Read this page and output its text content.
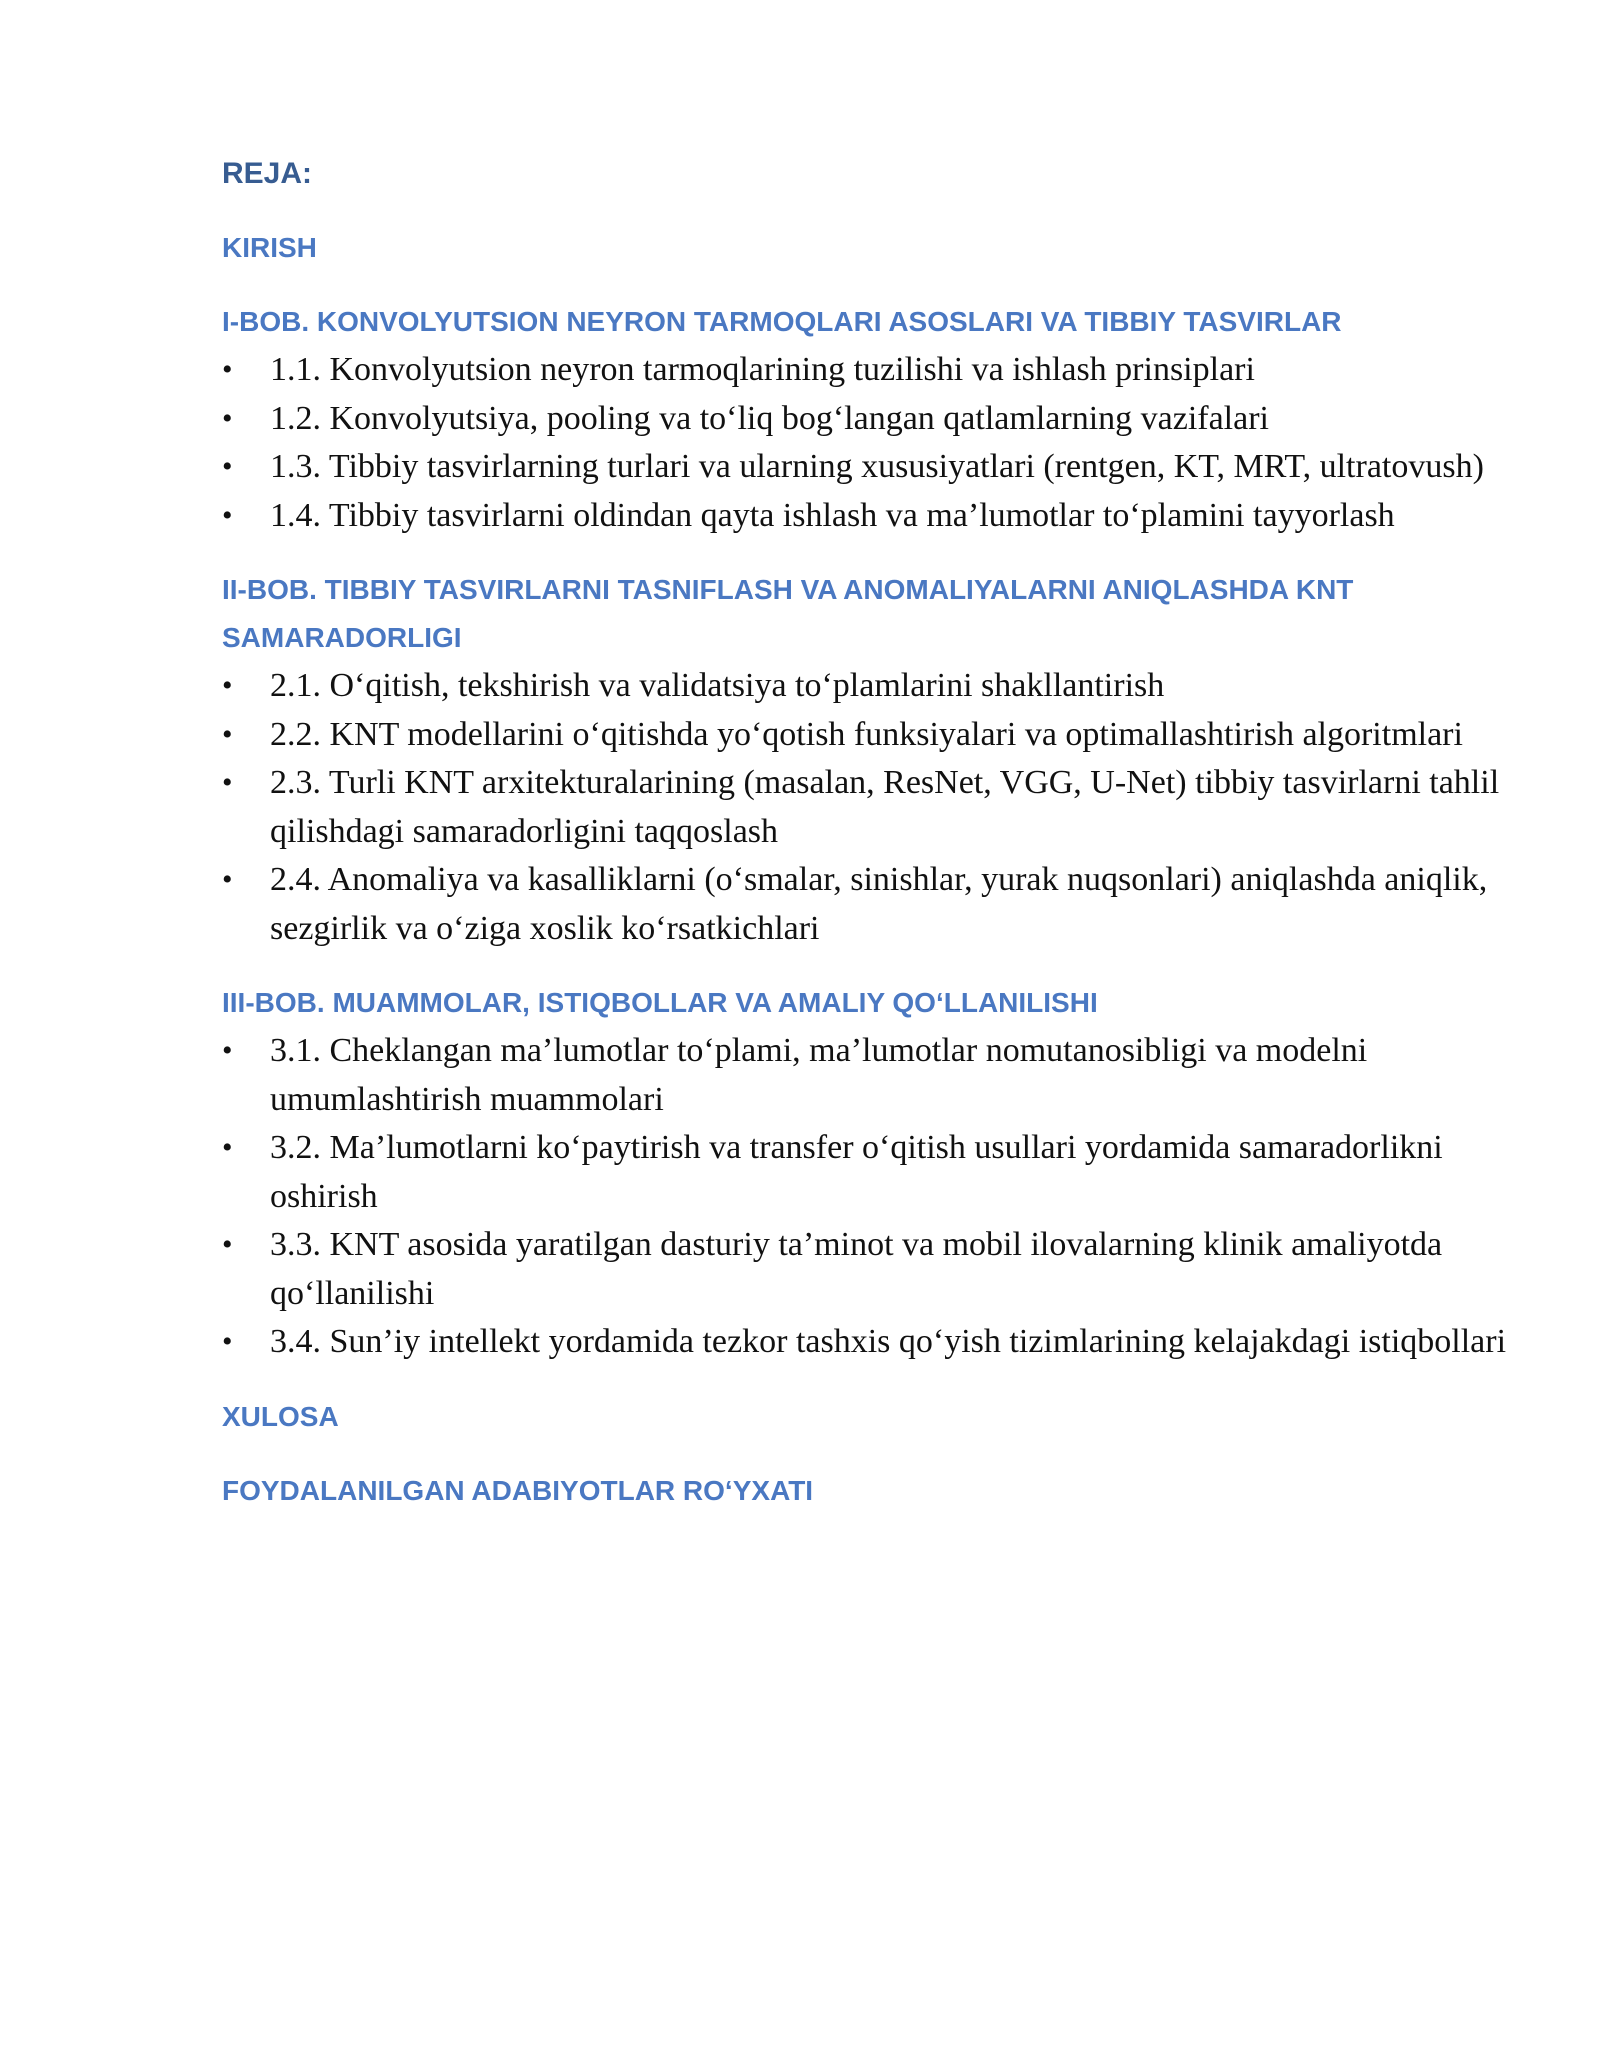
REJA:
KIRISH
I-BOB. KONVOLYUTSION NEYRON TARMOQLARI ASOSLARI VA TIBBIY TASVIRLAR
• 1.1. Konvolyutsion neyron tarmoqlarining tuzilishi va ishlash prinsiplari
• 1.2. Konvolyutsiya, pooling va to‘liq bog‘langan qatlamlarning vazifalari
• 1.3. Tibbiy tasvirlarning turlari va ularning xususiyatlari (rentgen, KT, MRT, ultratovush)
• 1.4. Tibbiy tasvirlarni oldindan qayta ishlash va ma’lumotlar to‘plamini tayyorlash
II-BOB. TIBBIY TASVIRLARNI TASNIFLASH VA ANOMALIYALARNI ANIQLASHDA KNT SAMARADORLIGI
• 2.1. O‘qitish, tekshirish va validatsiya to‘plamlarini shakllantirish
• 2.2. KNT modellarini o‘qitishda yo‘qotish funksiyalari va optimallashtirish algoritmlari
• 2.3. Turli KNT arxitekturalarining (masalan, ResNet, VGG, U-Net) tibbiy tasvirlarni tahlil qilishdagi samaradorligini taqqoslash
• 2.4. Anomaliya va kasalliklarni (o‘smalar, sinishlar, yurak nuqsonlari) aniqlashda aniqlik, sezgirlik va o‘ziga xoslik ko‘rsatkichlari
III-BOB. MUAMMOLAR, ISTIQBOLLAR VA AMALIY QO‘LLANILISHI
• 3.1. Cheklangan ma’lumotlar to‘plami, ma’lumotlar nomutanosibligi va modelni umumlashtirish muammolari
• 3.2. Ma’lumotlarni ko‘paytirish va transfer o‘qitish usullari yordamida samaradorlikni oshirish
• 3.3. KNT asosida yaratilgan dasturiy ta’minot va mobil ilovalarning klinik amaliyotda qo‘llanilishi
• 3.4. Sun’iy intellekt yordamida tezkor tashxis qo‘yish tizimlarining kelajakdagi istiqbollari
XULOSA
FOYDALANILGAN ADABIYOTLAR RO‘YXATI
